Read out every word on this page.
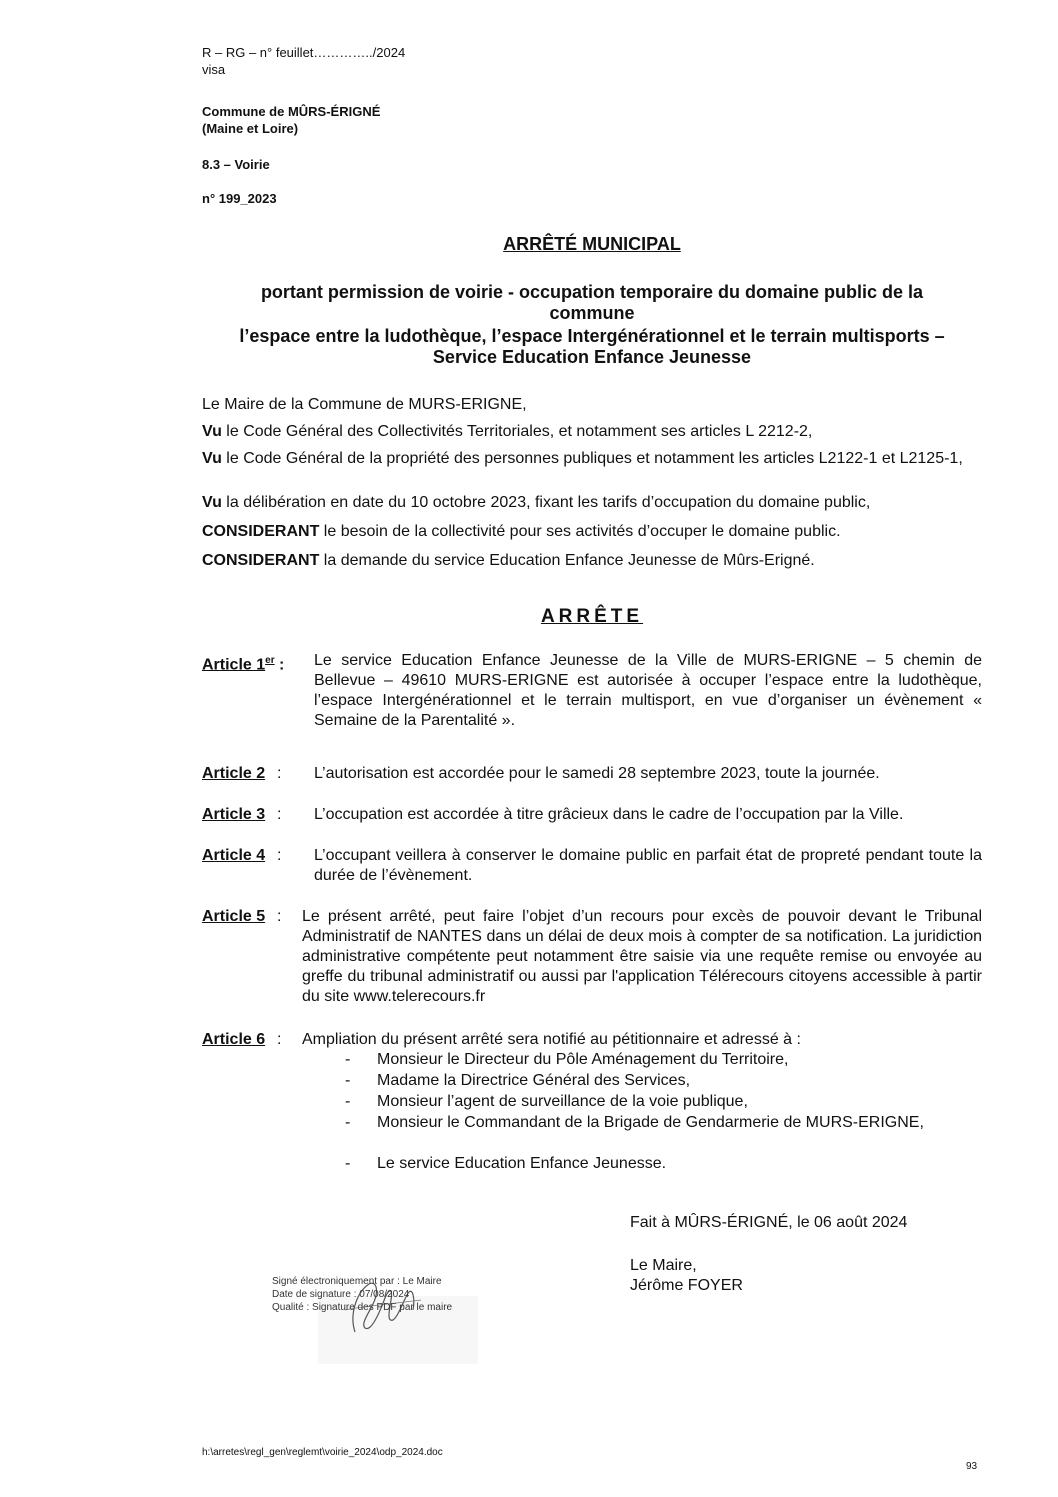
R – RG – n° feuillet…………../2024
visa
Commune de MÛRS-ÉRIGNÉ
(Maine et Loire)
8.3 – Voirie
n° 199_2023
ARRÊTÉ MUNICIPAL
portant permission de voirie - occupation temporaire du domaine public de la
commune
l’espace entre la ludothèque, l’espace Intergénérationnel et le terrain multisports –
Service Education Enfance Jeunesse
Le Maire de la Commune de MURS-ERIGNE,
Vu le Code Général des Collectivités Territoriales, et notamment ses articles L 2212-2,
Vu le Code Général de la propriété des personnes publiques et notamment les articles L2122-1 et L2125-1,
Vu la délibération en date du 10 octobre 2023, fixant les tarifs d’occupation du domaine public,
CONSIDERANT le besoin de la collectivité pour ses activités d’occuper le domaine public.
CONSIDERANT la demande du service Education Enfance Jeunesse de Mûrs-Erigné.
ARRÊTE
Article 1er : Le service Education Enfance Jeunesse de la Ville de MURS-ERIGNE – 5 chemin de Bellevue – 49610 MURS-ERIGNE est autorisée à occuper l’espace entre la ludothèque, l’espace Intergénérationnel et le terrain multisport, en vue d’organiser un évènement « Semaine de la Parentalité ».
Article 2 : L’autorisation est accordée pour le samedi 28 septembre 2023, toute la journée.
Article 3 : L’occupation est accordée à titre grâcieux dans le cadre de l’occupation par la Ville.
Article 4 : L’occupant veillera à conserver le domaine public en parfait état de propreté pendant toute la durée de l’évènement.
Article 5 : Le présent arrêté, peut faire l’objet d’un recours pour excès de pouvoir devant le Tribunal Administratif de NANTES dans un délai de deux mois à compter de sa notification. La juridiction administrative compétente peut notamment être saisie via une requête remise ou envoyée au greffe du tribunal administratif ou aussi par l'application Télérecours citoyens accessible à partir du site www.telerecours.fr
Article 6 : Ampliation du présent arrêté sera notifié au pétitionnaire et adressé à :
- Monsieur le Directeur du Pôle Aménagement du Territoire,
- Madame la Directrice Général des Services,
- Monsieur l’agent de surveillance de la voie publique,
- Monsieur le Commandant de la Brigade de Gendarmerie de MURS-ERIGNE,
- Le service Education Enfance Jeunesse.
Fait à MÛRS-ÉRIGNÉ, le 06 août 2024
Le Maire,
Jérôme FOYER
Signé électroniquement par : Le Maire
Date de signature : 07/08/2024
Qualité : Signature des PDF par le maire
h:\arretes\regl_gen\reglemt\voirie_2024\odp_2024.doc
93
